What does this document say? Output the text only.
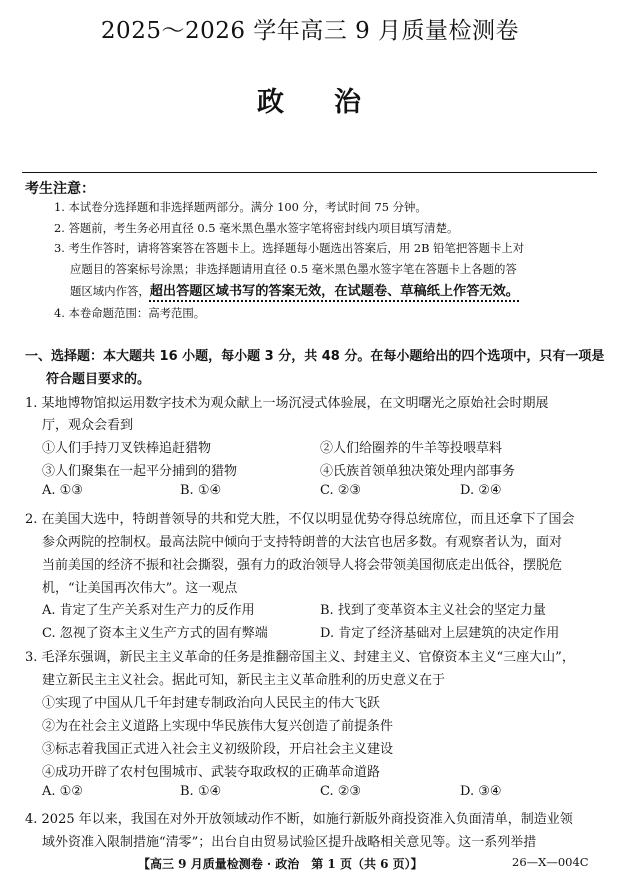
2025～2026 学年高三 9 月质量检测卷
政 治
考生注意：
1. 本试卷分选择题和非选择题两部分。满分 100 分，考试时间 75 分钟。
2. 答题前，考生务必用直径 0.5 毫米黑色墨水签字笔将密封线内项目填写清楚。
3. 考生作答时，请将答案答在答题卡上。选择题每小题选出答案后，用 2B 铅笔把答题卡上对
应题目的答案标号涂黑；非选择题请用直径 0.5 毫米黑色墨水签字笔在答题卡上各题的答
题区域内作答，超出答题区域书写的答案无效，在试题卷、草稿纸上作答无效。
4. 本卷命题范围：高考范围。
一、选择题：本大题共 16 小题，每小题 3 分，共 48 分。在每小题给出的四个选项中，只有一项是
符合题目要求的。
1. 某地博物馆拟运用数字技术为观众献上一场沉浸式体验展，在文明曙光之原始社会时期展
厅，观众会看到
①人们手持刀叉铁棒追赶猎物	②人们给圈养的牛羊等投喂草料
③人们聚集在一起平分捕到的猎物	④氏族首领单独决策处理内部事务
A. ①③	B. ①④	C. ②③	D. ②④
2. 在美国大选中，特朗普领导的共和党大胜，不仅以明显优势夺得总统席位，而且还拿下了国会
参众两院的控制权。最高法院中倾向于支持特朗普的大法官也居多数。有观察者认为，面对
当前美国的经济不振和社会撕裂，强有力的政治领导人将会带领美国彻底走出低谷，摆脱危
机，“让美国再次伟大”。这一观点
A. 肯定了生产关系对生产力的反作用	B. 找到了变革资本主义社会的坚定力量
C. 忽视了资本主义生产方式的固有弊端	D. 肯定了经济基础对上层建筑的决定作用
3. 毛泽东强调，新民主主义革命的任务是推翻帝国主义、封建主义、官僚资本主义“三座大山”，
建立新民主主义社会。据此可知，新民主主义革命胜利的历史意义在于
①实现了中国从几千年封建专制政治向人民民主的伟大飞跃
②为在社会主义道路上实现中华民族伟大复兴创造了前提条件
③标志着我国正式进入社会主义初级阶段，开启社会主义建设
④成功开辟了农村包围城市、武装夺取政权的正确革命道路
A. ①②	B. ①④	C. ②③	D. ③④
4. 2025 年以来，我国在对外开放领域动作不断，如施行新版外商投资准入负面清单，制造业领
域外资准入限制措施“清零”；出台自由贸易试验区提升战略相关意见等。这一系列举措
【高三 9 月质量检测卷 · 政治　第 1 页（共 6 页）】	26—X—004C
